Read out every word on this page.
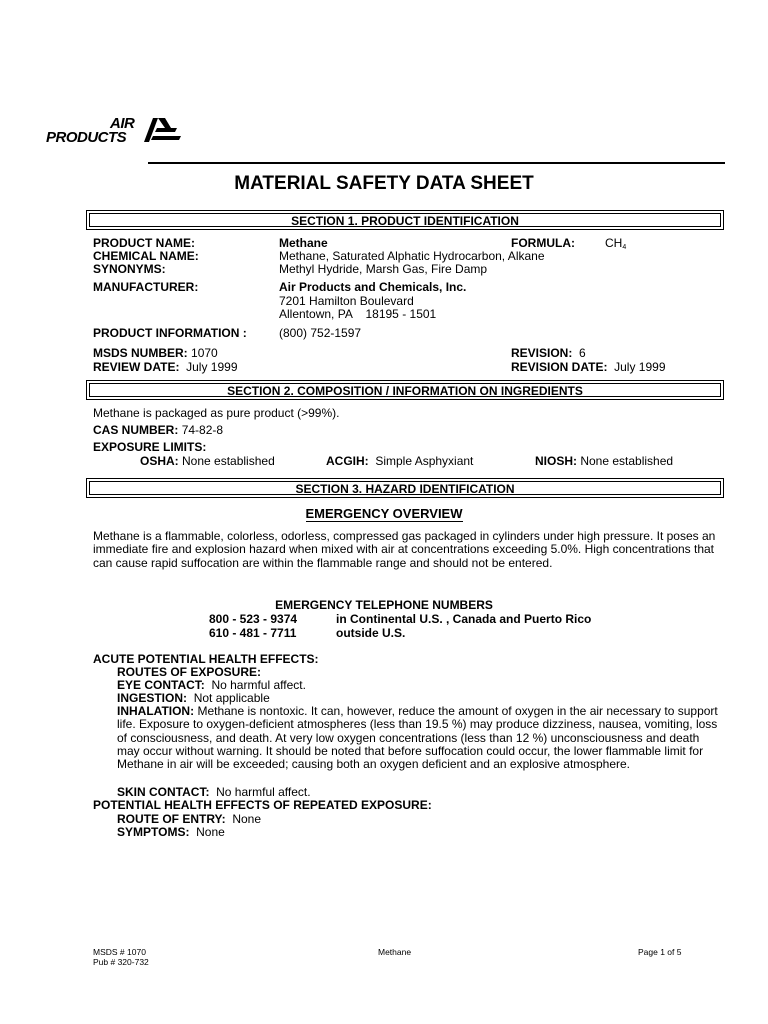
AIR
PRODUCTS
MATERIAL SAFETY DATA SHEET
SECTION 1. PRODUCT IDENTIFICATION
PRODUCT NAME:	Methane	FORMULA:	$CH_4$
CHEMICAL NAME:	Methane, Saturated Alphatic Hydrocarbon, Alkane
SYNONYMS:	Methyl Hydride, Marsh Gas, Fire Damp
MANUFACTURER:	Air Products and Chemicals, Inc.
7201 Hamilton Boulevard
Allentown, PA    18195 - 1501
PRODUCT INFORMATION :	(800) 752-1597
MSDS NUMBER: 1070	REVISION: 6
REVIEW DATE: July 1999	REVISION DATE: July 1999
SECTION 2. COMPOSITION / INFORMATION ON INGREDIENTS
Methane is packaged as pure product (>99%).
CAS NUMBER: 74-82-8
EXPOSURE LIMITS:
OSHA: None established	ACGIH: Simple Asphyxiant	NIOSH: None established
SECTION 3. HAZARD IDENTIFICATION
EMERGENCY OVERVIEW
Methane is a flammable, colorless, odorless, compressed gas packaged in cylinders under high pressure. It poses an immediate fire and explosion hazard when mixed with air at concentrations exceeding 5.0%. High concentrations that can cause rapid suffocation are within the flammable range and should not be entered.
EMERGENCY TELEPHONE NUMBERS
800 - 523 - 9374	in Continental U.S. , Canada and Puerto Rico
610 - 481 - 7711	outside U.S.
ACUTE POTENTIAL HEALTH EFFECTS:
ROUTES OF EXPOSURE:
EYE CONTACT: No harmful affect.
INGESTION: Not applicable
INHALATION: Methane is nontoxic. It can, however, reduce the amount of oxygen in the air necessary to support life. Exposure to oxygen-deficient atmospheres (less than 19.5 %) may produce dizziness, nausea, vomiting, loss of consciousness, and death. At very low oxygen concentrations (less than 12 %) unconsciousness and death may occur without warning. It should be noted that before suffocation could occur, the lower flammable limit for Methane in air will be exceeded; causing both an oxygen deficient and an explosive atmosphere.
SKIN CONTACT: No harmful affect.
POTENTIAL HEALTH EFFECTS OF REPEATED EXPOSURE:
ROUTE OF ENTRY: None
SYMPTOMS: None
MSDS # 1070
Pub # 320-732
Methane	Page 1 of 5
